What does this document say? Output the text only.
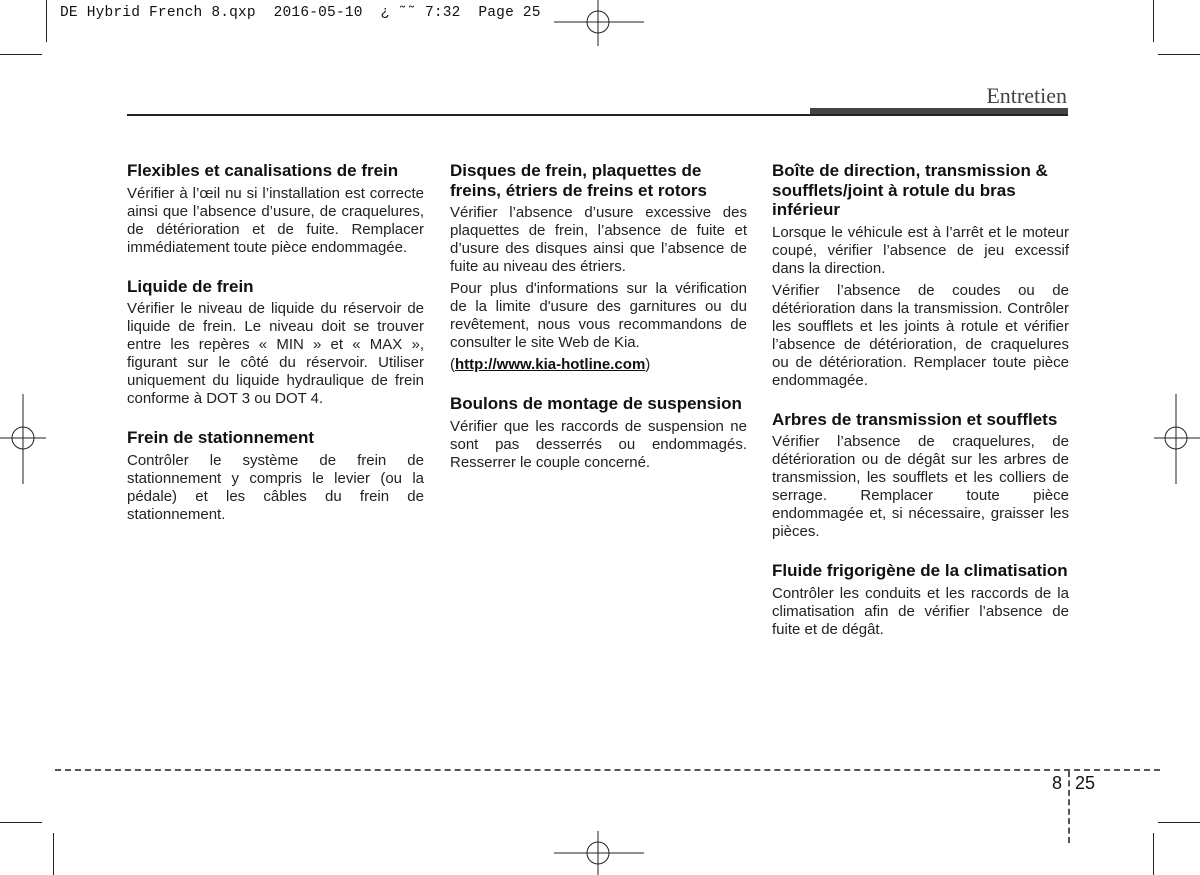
DE Hybrid French 8.qxp  2016-05-10  ¿ ˜˜ 7:32  Page 25
Entretien
Flexibles et canalisations de frein

Vérifier à l’œil nu si l’installation est correcte ainsi que l’absence d’usure, de craquelures, de détérioration et de fuite. Remplacer immédiatement toute pièce endommagée.

Liquide de frein

Vérifier le niveau de liquide du réservoir de liquide de frein. Le niveau doit se trouver entre les repères « MIN » et « MAX », figurant sur le côté du réservoir. Utiliser uniquement du liquide hydraulique de frein conforme à DOT 3 ou DOT 4.

Frein de stationnement

Contrôler le système de frein de stationnement y compris le levier (ou la pédale) et les câbles du frein de stationnement.

Disques de frein, plaquettes de freins, étriers de freins et rotors

Vérifier l’absence d’usure excessive des plaquettes de frein, l’absence de fuite et d’usure des disques ainsi que l’absence de fuite au niveau des étriers.

Pour plus d'informations sur la vérification de la limite d'usure des garnitures ou du revêtement, nous vous recommandons de consulter le site Web de Kia.

(http://www.kia-hotline.com)

Boulons de montage de suspension

Vérifier que les raccords de suspension ne sont pas desserrés ou endommagés. Resserrer le couple concerné.

Boîte de direction, transmission & soufflets/joint à rotule du bras inférieur

Lorsque le véhicule est à l’arrêt et le moteur coupé, vérifier l’absence de jeu excessif dans la direction.

Vérifier l’absence de coudes ou de détérioration dans la transmission. Contrôler les soufflets et les joints à rotule et vérifier l’absence de détérioration, de craquelures ou de détérioration. Remplacer toute pièce endommagée.

Arbres de transmission et soufflets

Vérifier l’absence de craquelures, de détérioration ou de dégât sur les arbres de transmission, les soufflets et les colliers de serrage. Remplacer toute pièce endommagée et, si nécessaire, graisser les pièces.

Fluide frigorigène de la climatisation

Contrôler les conduits et les raccords de la climatisation afin de vérifier l’absence de fuite et de dégât.

8 25
